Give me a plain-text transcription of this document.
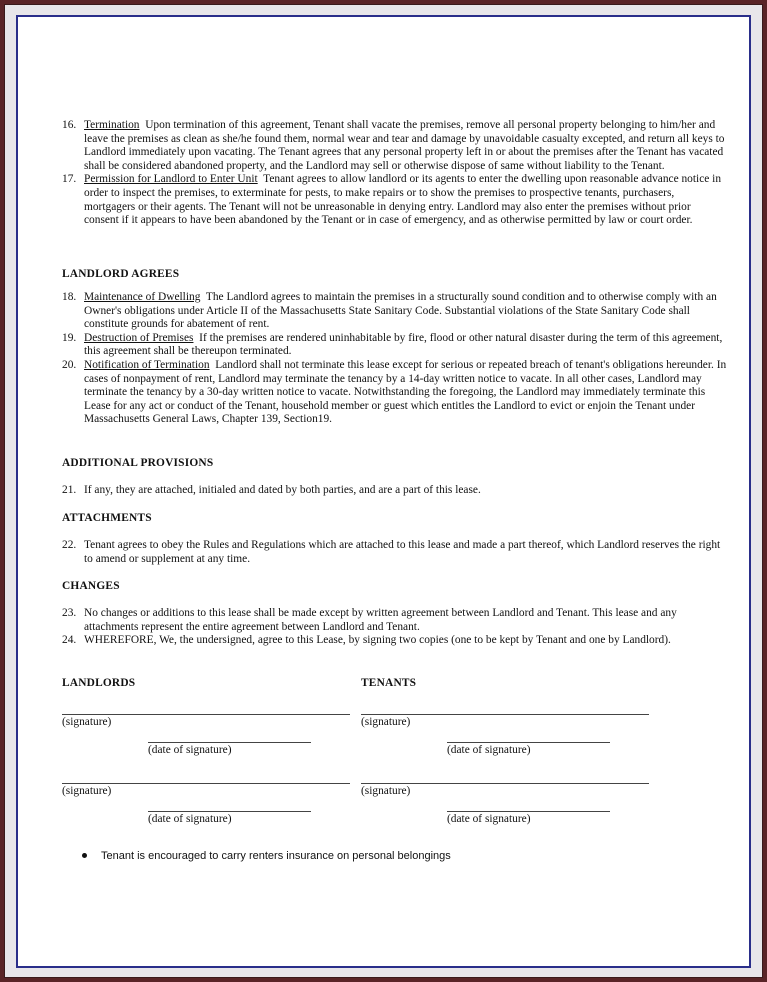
16. Termination  Upon termination of this agreement, Tenant shall vacate the premises, remove all personal property belonging to him/her and leave the premises as clean as she/he found them, normal wear and tear and damage by unavoidable casualty excepted, and return all keys to Landlord immediately upon vacating. The Tenant agrees that any personal property left in or about the premises after the Tenant has vacated shall be considered abandoned property, and the Landlord may sell or otherwise dispose of same without liability to the Tenant.
17. Permission for Landlord to Enter Unit  Tenant agrees to allow landlord or its agents to enter the dwelling upon reasonable advance notice in order to inspect the premises, to exterminate for pests, to make repairs or to show the premises to prospective tenants, purchasers, mortgagers or their agents. The Tenant will not be unreasonable in denying entry. Landlord may also enter the premises without prior consent if it appears to have been abandoned by the Tenant or in case of emergency, and as otherwise permitted by law or court order.
LANDLORD AGREES
18. Maintenance of Dwelling  The Landlord agrees to maintain the premises in a structurally sound condition and to otherwise comply with an Owner's obligations under Article II of the Massachusetts State Sanitary Code. Substantial violations of the State Sanitary Code shall constitute grounds for abatement of rent.
19. Destruction of Premises  If the premises are rendered uninhabitable by fire, flood or other natural disaster during the term of this agreement, this agreement shall be thereupon terminated.
20. Notification of Termination  Landlord shall not terminate this lease except for serious or repeated breach of tenant's obligations hereunder. In cases of nonpayment of rent, Landlord may terminate the tenancy by a 14-day written notice to vacate. In all other cases, Landlord may terminate the tenancy by a 30-day written notice to vacate. Notwithstanding the foregoing, the Landlord may immediately terminate this Lease for any act or conduct of the Tenant, household member or guest which entitles the Landlord to evict or enjoin the Tenant under Massachusetts General Laws, Chapter 139, Section19.
ADDITIONAL PROVISIONS
21. If any, they are attached, initialed and dated by both parties, and are a part of this lease.
ATTACHMENTS
22. Tenant agrees to obey the Rules and Regulations which are attached to this lease and made a part thereof, which Landlord reserves the right to amend or supplement at any time.
CHANGES
23. No changes or additions to this lease shall be made except by written agreement between Landlord and Tenant. This lease and any attachments represent the entire agreement between Landlord and Tenant.
24. WHEREFORE, We, the undersigned, agree to this Lease, by signing two copies (one to be kept by Tenant and one by Landlord).
LANDLORDS	TENANTS
(signature)	(signature)
(date of signature)	(date of signature)
(signature)	(signature)
(date of signature)	(date of signature)
Tenant is encouraged to carry renters insurance on personal belongings
